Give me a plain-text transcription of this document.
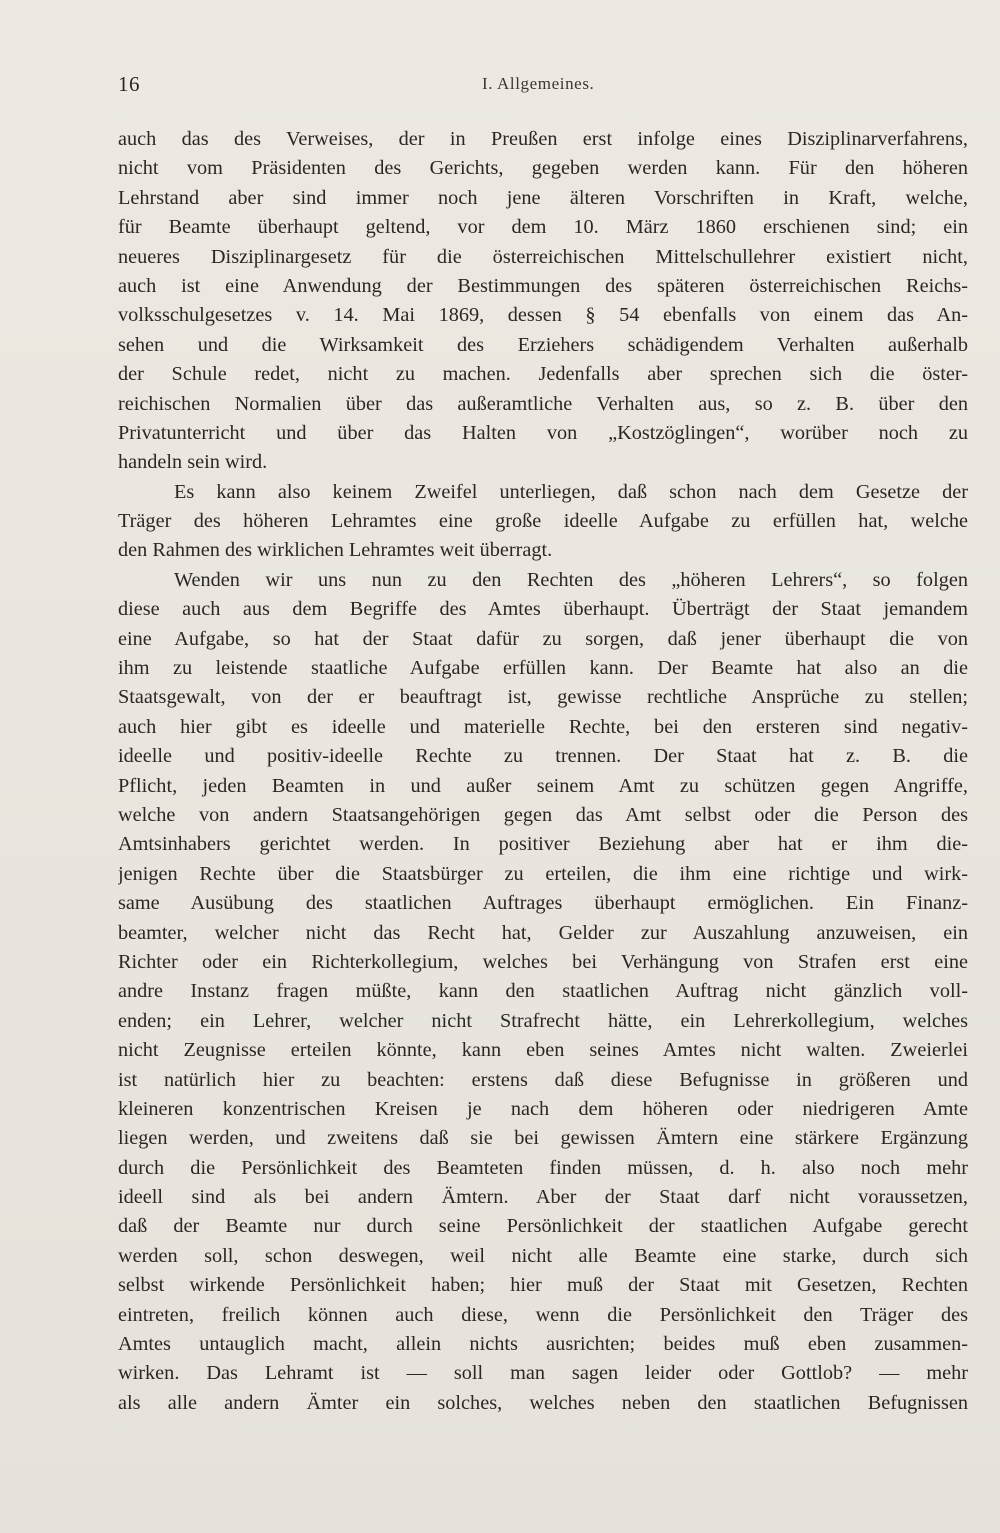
16	I. Allgemeines.
auch das des Verweises, der in Preußen erst infolge eines Disziplinarverfahrens,
nicht vom Präsidenten des Gerichts, gegeben werden kann. Für den höheren
Lehrstand aber sind immer noch jene älteren Vorschriften in Kraft, welche,
für Beamte überhaupt geltend, vor dem 10. März 1860 erschienen sind; ein
neueres Disziplinargesetz für die österreichischen Mittelschullehrer existiert nicht,
auch ist eine Anwendung der Bestimmungen des späteren österreichischen Reichs-
volksschulgesetzes v. 14. Mai 1869, dessen § 54 ebenfalls von einem das An-
sehen und die Wirksamkeit des Erziehers schädigendem Verhalten außerhalb
der Schule redet, nicht zu machen. Jedenfalls aber sprechen sich die öster-
reichischen Normalien über das außeramtliche Verhalten aus, so z. B. über den
Privatunterricht und über das Halten von „Kostzöglingen“, worüber noch zu
handeln sein wird.
Es kann also keinem Zweifel unterliegen, daß schon nach dem Gesetze der
Träger des höheren Lehramtes eine große ideelle Aufgabe zu erfüllen hat, welche
den Rahmen des wirklichen Lehramtes weit überragt.
Wenden wir uns nun zu den Rechten des „höheren Lehrers“, so folgen
diese auch aus dem Begriffe des Amtes überhaupt. Überträgt der Staat jemandem
eine Aufgabe, so hat der Staat dafür zu sorgen, daß jener überhaupt die von
ihm zu leistende staatliche Aufgabe erfüllen kann. Der Beamte hat also an die
Staatsgewalt, von der er beauftragt ist, gewisse rechtliche Ansprüche zu stellen;
auch hier gibt es ideelle und materielle Rechte, bei den ersteren sind negativ-
ideelle und positiv-ideelle Rechte zu trennen. Der Staat hat z. B. die
Pflicht, jeden Beamten in und außer seinem Amt zu schützen gegen Angriffe,
welche von andern Staatsangehörigen gegen das Amt selbst oder die Person des
Amtsinhabers gerichtet werden. In positiver Beziehung aber hat er ihm die-
jenigen Rechte über die Staatsbürger zu erteilen, die ihm eine richtige und wirk-
same Ausübung des staatlichen Auftrages überhaupt ermöglichen. Ein Finanz-
beamter, welcher nicht das Recht hat, Gelder zur Auszahlung anzuweisen, ein
Richter oder ein Richterkollegium, welches bei Verhängung von Strafen erst eine
andre Instanz fragen müßte, kann den staatlichen Auftrag nicht gänzlich voll-
enden; ein Lehrer, welcher nicht Strafrecht hätte, ein Lehrerkollegium, welches
nicht Zeugnisse erteilen könnte, kann eben seines Amtes nicht walten. Zweierlei
ist natürlich hier zu beachten: erstens daß diese Befugnisse in größeren und
kleineren konzentrischen Kreisen je nach dem höheren oder niedrigeren Amte
liegen werden, und zweitens daß sie bei gewissen Ämtern eine stärkere Ergänzung
durch die Persönlichkeit des Beamteten finden müssen, d. h. also noch mehr
ideell sind als bei andern Ämtern. Aber der Staat darf nicht voraussetzen,
daß der Beamte nur durch seine Persönlichkeit der staatlichen Aufgabe gerecht
werden soll, schon deswegen, weil nicht alle Beamte eine starke, durch sich
selbst wirkende Persönlichkeit haben; hier muß der Staat mit Gesetzen, Rechten
eintreten, freilich können auch diese, wenn die Persönlichkeit den Träger des
Amtes untauglich macht, allein nichts ausrichten; beides muß eben zusammen-
wirken. Das Lehramt ist — soll man sagen leider oder Gottlob? — mehr
als alle andern Ämter ein solches, welches neben den staatlichen Befugnissen
